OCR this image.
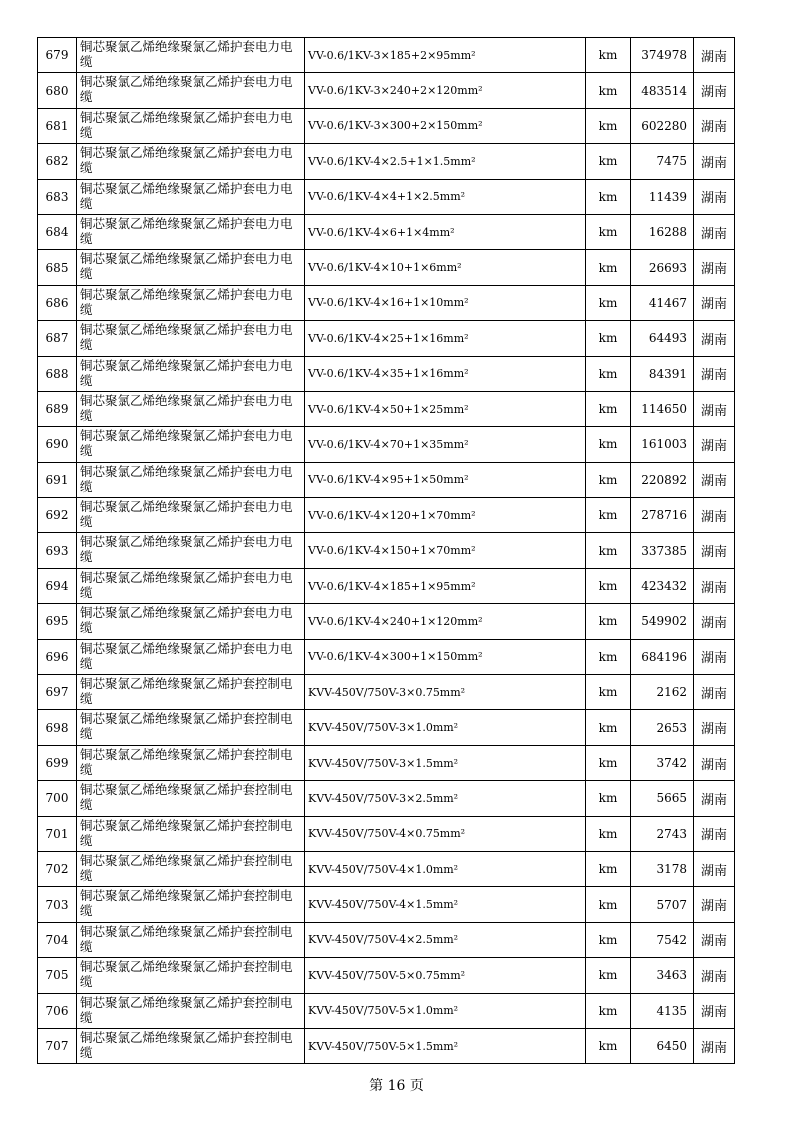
679	铜芯聚氯乙烯绝缘聚氯乙烯护套电力电缆	VV-0.6/1KV-3×185+2×95mm²	km	374978	湖南
680	铜芯聚氯乙烯绝缘聚氯乙烯护套电力电缆	VV-0.6/1KV-3×240+2×120mm²	km	483514	湖南
681	铜芯聚氯乙烯绝缘聚氯乙烯护套电力电缆	VV-0.6/1KV-3×300+2×150mm²	km	602280	湖南
682	铜芯聚氯乙烯绝缘聚氯乙烯护套电力电缆	VV-0.6/1KV-4×2.5+1×1.5mm²	km	7475	湖南
683	铜芯聚氯乙烯绝缘聚氯乙烯护套电力电缆	VV-0.6/1KV-4×4+1×2.5mm²	km	11439	湖南
684	铜芯聚氯乙烯绝缘聚氯乙烯护套电力电缆	VV-0.6/1KV-4×6+1×4mm²	km	16288	湖南
685	铜芯聚氯乙烯绝缘聚氯乙烯护套电力电缆	VV-0.6/1KV-4×10+1×6mm²	km	26693	湖南
686	铜芯聚氯乙烯绝缘聚氯乙烯护套电力电缆	VV-0.6/1KV-4×16+1×10mm²	km	41467	湖南
687	铜芯聚氯乙烯绝缘聚氯乙烯护套电力电缆	VV-0.6/1KV-4×25+1×16mm²	km	64493	湖南
688	铜芯聚氯乙烯绝缘聚氯乙烯护套电力电缆	VV-0.6/1KV-4×35+1×16mm²	km	84391	湖南
689	铜芯聚氯乙烯绝缘聚氯乙烯护套电力电缆	VV-0.6/1KV-4×50+1×25mm²	km	114650	湖南
690	铜芯聚氯乙烯绝缘聚氯乙烯护套电力电缆	VV-0.6/1KV-4×70+1×35mm²	km	161003	湖南
691	铜芯聚氯乙烯绝缘聚氯乙烯护套电力电缆	VV-0.6/1KV-4×95+1×50mm²	km	220892	湖南
692	铜芯聚氯乙烯绝缘聚氯乙烯护套电力电缆	VV-0.6/1KV-4×120+1×70mm²	km	278716	湖南
693	铜芯聚氯乙烯绝缘聚氯乙烯护套电力电缆	VV-0.6/1KV-4×150+1×70mm²	km	337385	湖南
694	铜芯聚氯乙烯绝缘聚氯乙烯护套电力电缆	VV-0.6/1KV-4×185+1×95mm²	km	423432	湖南
695	铜芯聚氯乙烯绝缘聚氯乙烯护套电力电缆	VV-0.6/1KV-4×240+1×120mm²	km	549902	湖南
696	铜芯聚氯乙烯绝缘聚氯乙烯护套电力电缆	VV-0.6/1KV-4×300+1×150mm²	km	684196	湖南
697	铜芯聚氯乙烯绝缘聚氯乙烯护套控制电缆	KVV-450V/750V-3×0.75mm²	km	2162	湖南
698	铜芯聚氯乙烯绝缘聚氯乙烯护套控制电缆	KVV-450V/750V-3×1.0mm²	km	2653	湖南
699	铜芯聚氯乙烯绝缘聚氯乙烯护套控制电缆	KVV-450V/750V-3×1.5mm²	km	3742	湖南
700	铜芯聚氯乙烯绝缘聚氯乙烯护套控制电缆	KVV-450V/750V-3×2.5mm²	km	5665	湖南
701	铜芯聚氯乙烯绝缘聚氯乙烯护套控制电缆	KVV-450V/750V-4×0.75mm²	km	2743	湖南
702	铜芯聚氯乙烯绝缘聚氯乙烯护套控制电缆	KVV-450V/750V-4×1.0mm²	km	3178	湖南
703	铜芯聚氯乙烯绝缘聚氯乙烯护套控制电缆	KVV-450V/750V-4×1.5mm²	km	5707	湖南
704	铜芯聚氯乙烯绝缘聚氯乙烯护套控制电缆	KVV-450V/750V-4×2.5mm²	km	7542	湖南
705	铜芯聚氯乙烯绝缘聚氯乙烯护套控制电缆	KVV-450V/750V-5×0.75mm²	km	3463	湖南
706	铜芯聚氯乙烯绝缘聚氯乙烯护套控制电缆	KVV-450V/750V-5×1.0mm²	km	4135	湖南
707	铜芯聚氯乙烯绝缘聚氯乙烯护套控制电缆	KVV-450V/750V-5×1.5mm²	km	6450	湖南
第 16 页
